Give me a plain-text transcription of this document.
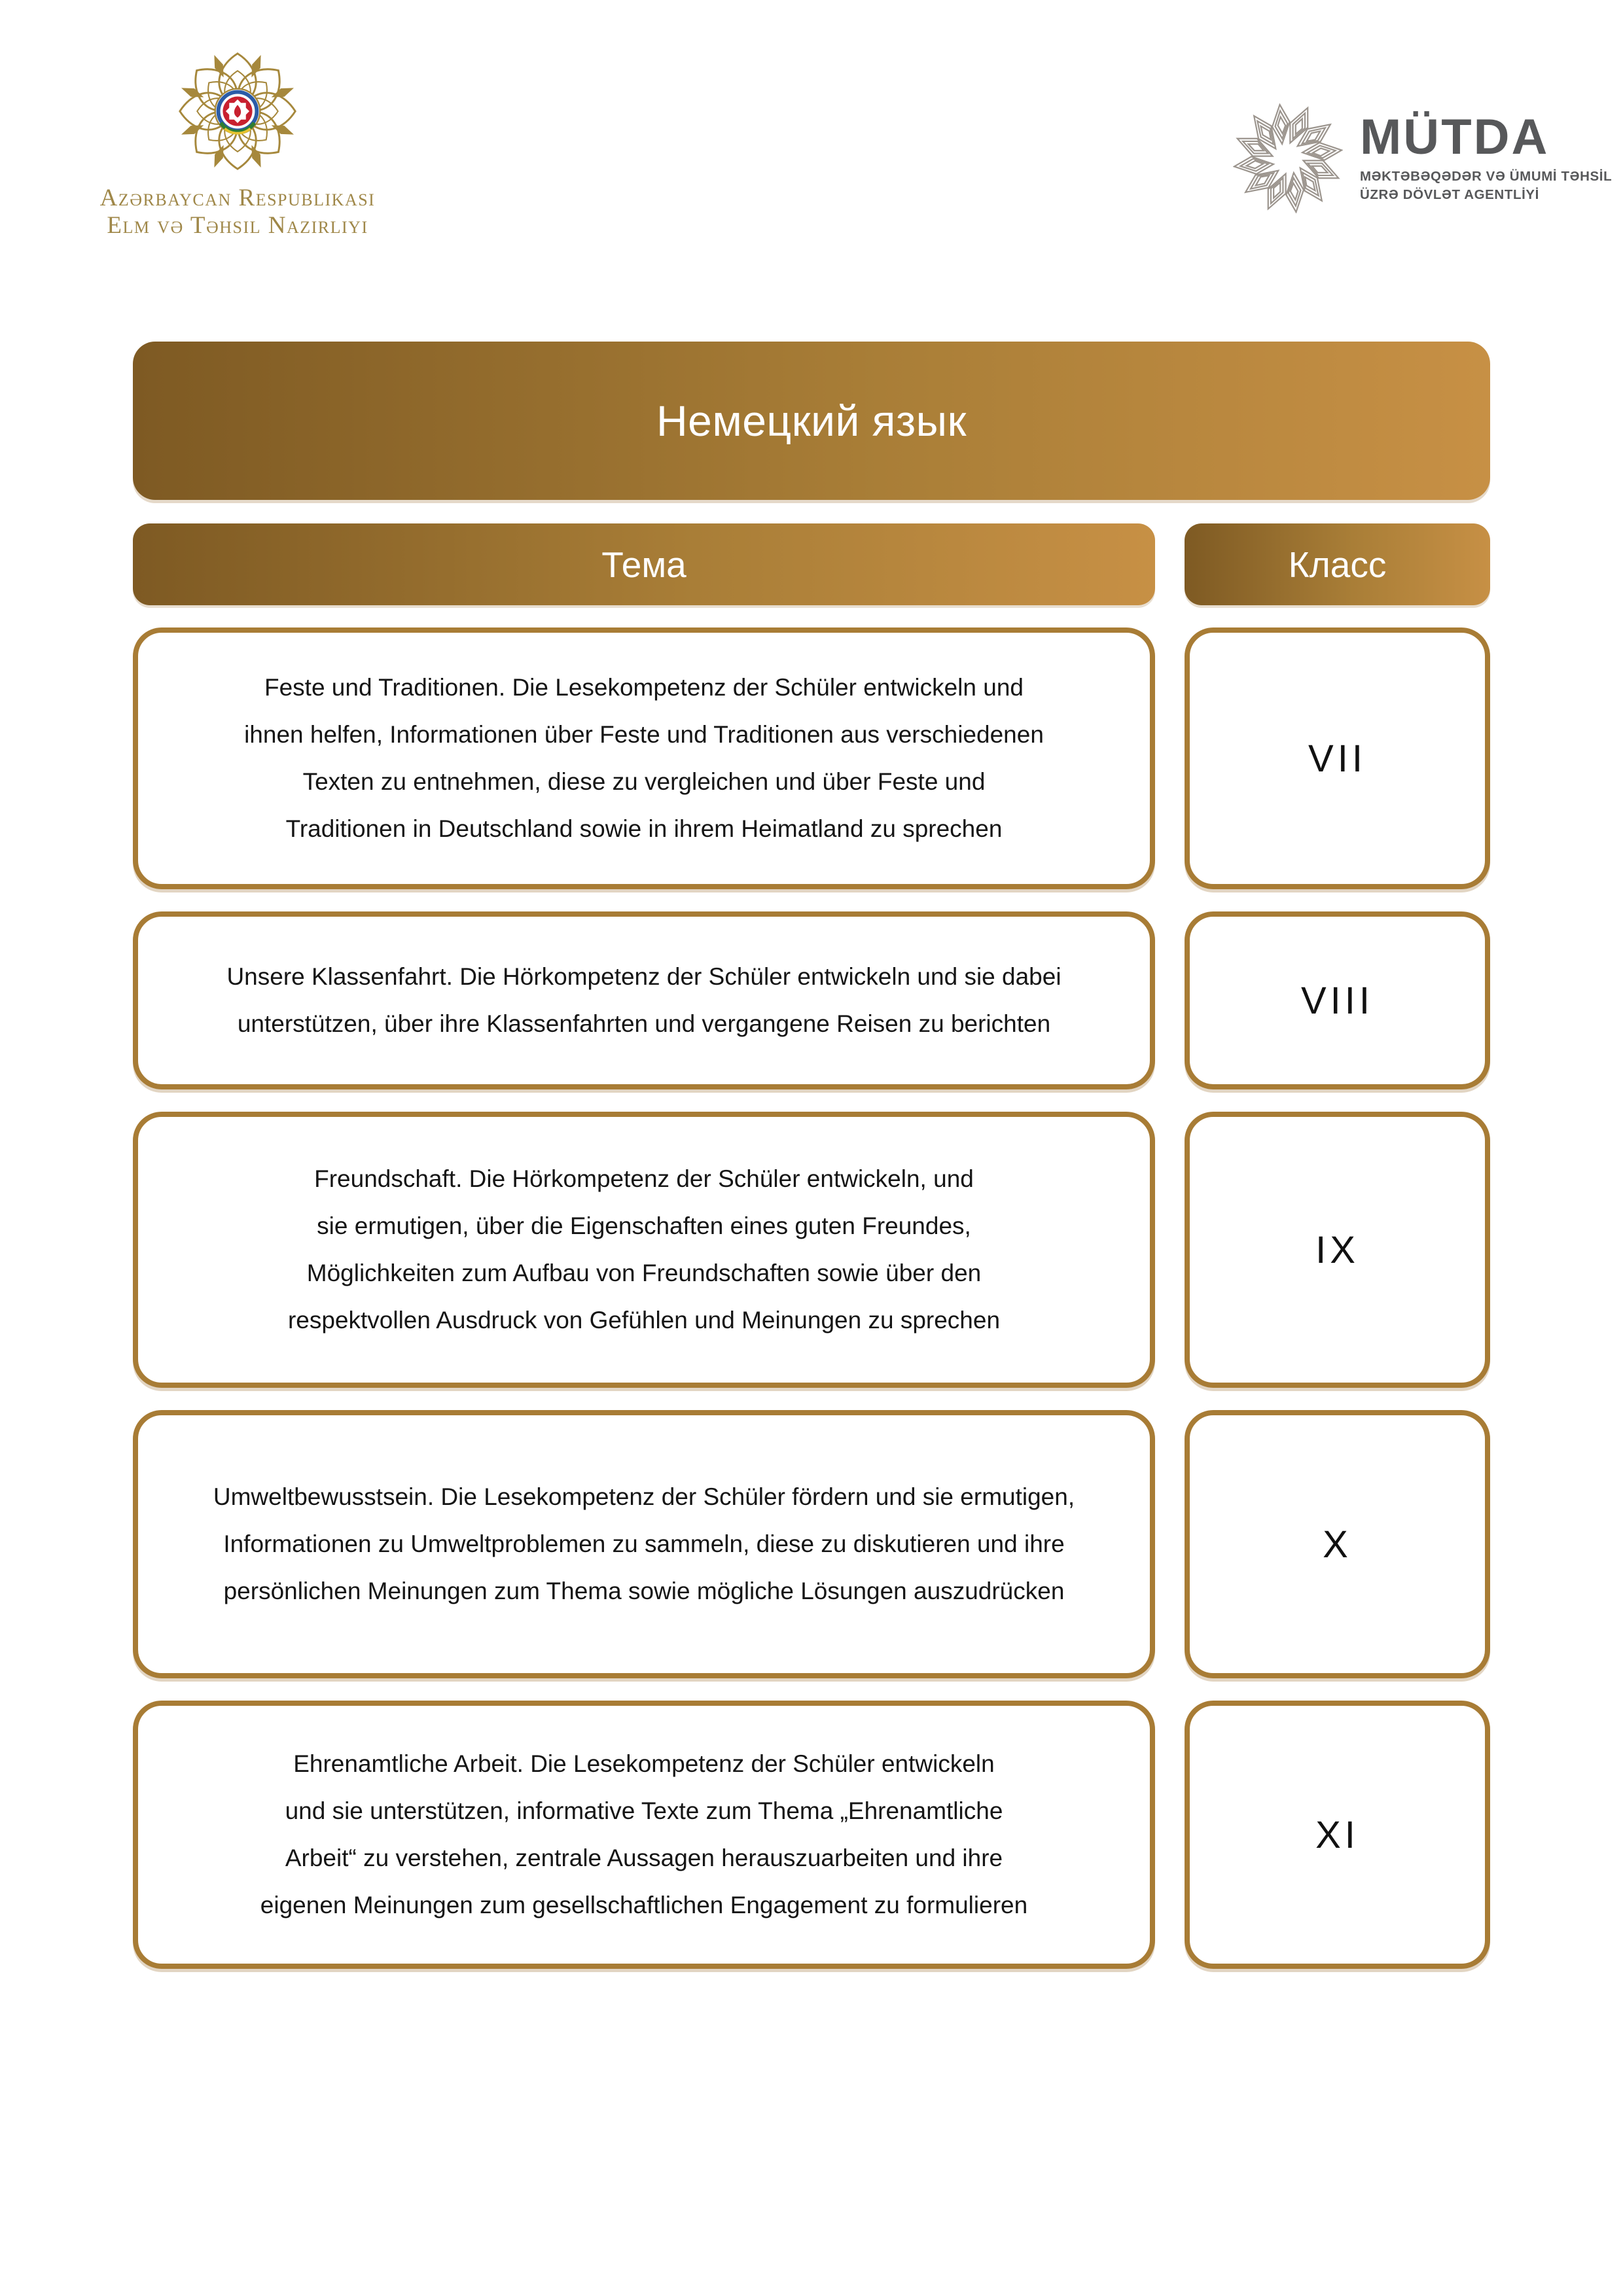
Azərbaycan Respublikası
Elm və Təhsil Nazirliyi
MÜTDA
MƏKTƏBƏQƏDƏR VƏ ÜMUMİ TƏHSİL
ÜZRƏ DÖVLƏT AGENTLİYİ
Немецкий язык
Тема	Класс
Feste und Traditionen. Die Lesekompetenz der Schüler entwickeln und ihnen helfen, Informationen über Feste und Traditionen aus verschiedenen Texten zu entnehmen, diese zu vergleichen und über Feste und Traditionen in Deutschland sowie in ihrem Heimatland zu sprechen
VII
Unsere Klassenfahrt. Die Hörkompetenz der Schüler entwickeln und sie dabei unterstützen, über ihre Klassenfahrten und vergangene Reisen zu berichten
VIII
Freundschaft. Die Hörkompetenz der Schüler entwickeln, und sie ermutigen, über die Eigenschaften eines guten Freundes, Möglichkeiten zum Aufbau von Freundschaften sowie über den respektvollen Ausdruck von Gefühlen und Meinungen zu sprechen
IX
Umweltbewusstsein. Die Lesekompetenz der Schüler fördern und sie ermutigen, Informationen zu Umweltproblemen zu sammeln, diese zu diskutieren und ihre persönlichen Meinungen zum Thema sowie mögliche Lösungen auszudrücken
X
Ehrenamtliche Arbeit. Die Lesekompetenz der Schüler entwickeln und sie unterstützen, informative Texte zum Thema „Ehrenamtliche Arbeit“ zu verstehen, zentrale Aussagen herauszuarbeiten und ihre eigenen Meinungen zum gesellschaftlichen Engagement zu formulieren
XI
